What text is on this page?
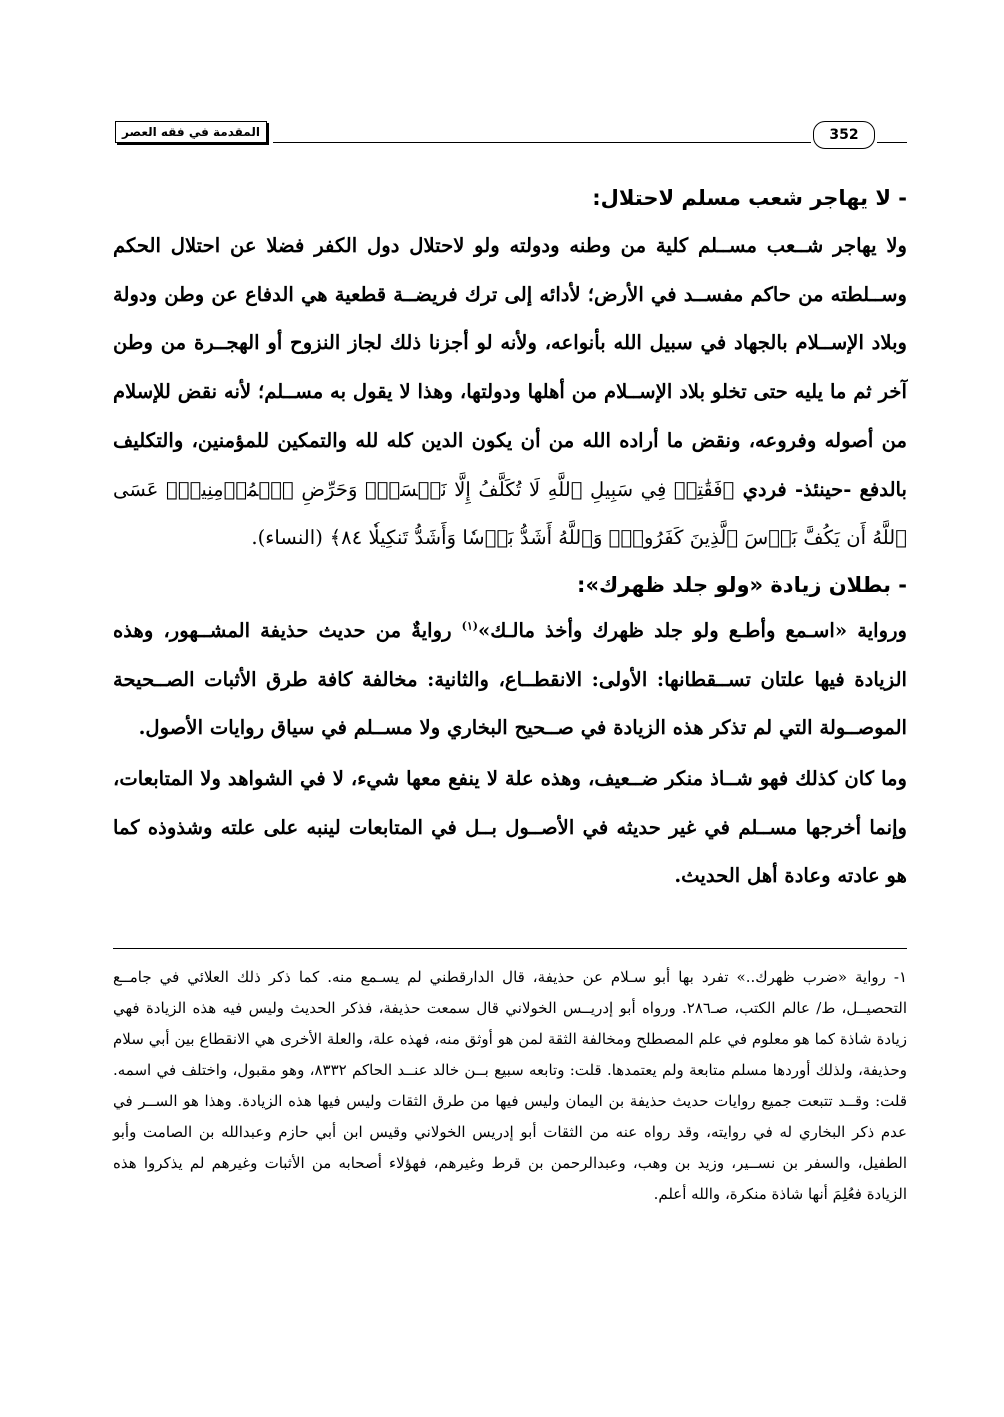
المقدمة في فقه العصر	352
- لا يهاجر شعب مسلم لاحتلال:

ولا يهاجر شــعب مســلم كلية من وطنه ودولته ولو لاحتلال دول الكفر فضلا عن احتلال الحكم وســلطته من حاكم مفســد في الأرض؛ لأدائه إلى ترك فريضــة قطعية هي الدفاع عن وطن ودولة وبلاد الإســلام بالجهاد في سبيل الله بأنواعه، ولأنه لو أجزنا ذلك لجاز النزوح أو الهجــرة من وطن آخر ثم ما يليه حتى تخلو بلاد الإســلام من أهلها ودولتها، وهذا لا يقول به مســلم؛ لأنه نقض للإسلام من أصوله وفروعه، ونقض ما أراده الله من أن يكون الدين كله لله والتمكين للمؤمنين، والتكليف بالدفع -حينئذ- فردي ﴿فَقَٰتِلۡ فِي سَبِيلِ ٱللَّهِ لَا تُكَلَّفُ إِلَّا نَفۡسَكَۚ وَحَرِّضِ ٱلۡمُؤۡمِنِينَۖ عَسَى ٱللَّهُ أَن يَكُفَّ بَأۡسَ ٱلَّذِينَ كَفَرُواْۚ وَٱللَّهُ أَشَدُّ بَأۡسٗا وَأَشَدُّ تَنكِيلٗا ٨٤﴾ (النساء).

- بطلان زيادة «ولو جلد ظهرك»:

ورواية «اسـمع وأطـع ولو جلد ظهرك وأخذ مالـك»$^{(١)}$ روايةٌ من حديث حذيفة المشــهور، وهذه الزيادة فيها علتان تســقطانها: الأولى: الانقطــاع، والثانية: مخالفة كافة طرق الأثبات الصــحيحة الموصــولة التي لم تذكر هذه الزيادة في صــحيح البخاري ولا مســلم في سياق روايات الأصول.

وما كان كذلك فهو شــاذ منكر ضــعيف، وهذه علة لا ينفع معها شيء، لا في الشواهد ولا المتابعات، وإنما أخرجها مســلم في غير حديثه في الأصــول بــل في المتابعات لينبه على علته وشذوذه كما هو عادته وعادة أهل الحديث.

١- رواية «ضرب ظهرك..» تفرد بها أبو سـلام عن حذيفة، قال الدارقطني لم يسـمع منه. كما ذكر ذلك العلائي في جامــع التحصيــل، ط/ عالم الكتب، صـ٢٨٦. ورواه أبو إدريــس الخولاني قال سمعت حذيفة، فذكر الحديث وليس فيه هذه الزيادة فهي زيادة شاذة كما هو معلوم في علم المصطلح ومخالفة الثقة لمن هو أوثق منه، فهذه علة، والعلة الأخرى هي الانقطاع بين أبي سلام وحذيفة، ولذلك أوردها مسلم متابعة ولم يعتمدها. قلت: وتابعه سبيع بــن خالد عنــد الحاكم ٨٣٣٢، وهو مقبول، واختلف في اسمه. قلت: وقــد تتبعت جميع روايات حديث حذيفة بن اليمان وليس فيها من طرق الثقات وليس فيها هذه الزيادة. وهذا هو الســر في عدم ذكر البخاري له في روايته، وقد رواه عنه من الثقات أبو إدريس الخولاني وقيس ابن أبي حازم وعبدالله بن الصامت وأبو الطفيل، والسفر بن نســير، وزيد بن وهب، وعبدالرحمن بن قرط وغيرهم، فهؤلاء أصحابه من الأثبات وغيرهم لم يذكروا هذه الزيادة فعُلِمَ أنها شاذة منكرة، والله أعلم.
